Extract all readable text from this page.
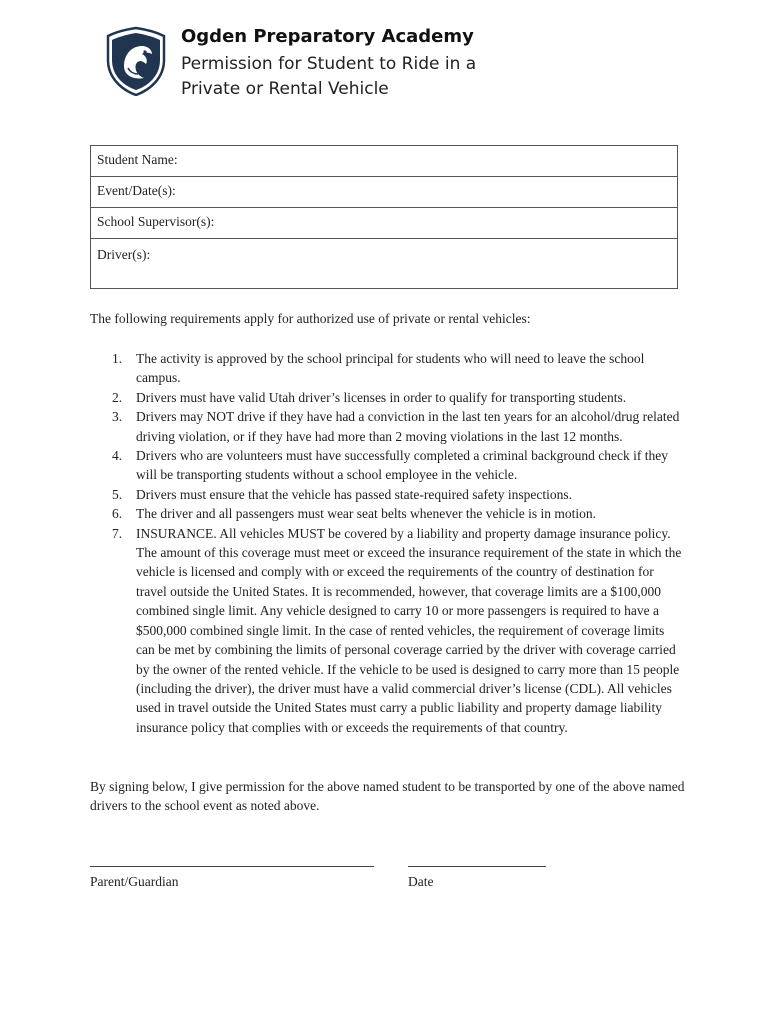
Ogden Preparatory Academy
Permission for Student to Ride in a
Private or Rental Vehicle
Student Name:
Event/Date(s):
School Supervisor(s):
Driver(s):
The following requirements apply for authorized use of private or rental vehicles:
1. The activity is approved by the school principal for students who will need to leave the school campus.
2. Drivers must have valid Utah driver’s licenses in order to qualify for transporting students.
3. Drivers may NOT drive if they have had a conviction in the last ten years for an alcohol/drug related driving violation, or if they have had more than 2 moving violations in the last 12 months.
4. Drivers who are volunteers must have successfully completed a criminal background check if they will be transporting students without a school employee in the vehicle.
5. Drivers must ensure that the vehicle has passed state-required safety inspections.
6. The driver and all passengers must wear seat belts whenever the vehicle is in motion.
7. INSURANCE. All vehicles MUST be covered by a liability and property damage insurance policy. The amount of this coverage must meet or exceed the insurance requirement of the state in which the vehicle is licensed and comply with or exceed the requirements of the country of destination for travel outside the United States. It is recommended, however, that coverage limits are a $100,000 combined single limit. Any vehicle designed to carry 10 or more passengers is required to have a $500,000 combined single limit. In the case of rented vehicles, the requirement of coverage limits can be met by combining the limits of personal coverage carried by the driver with coverage carried by the owner of the rented vehicle. If the vehicle to be used is designed to carry more than 15 people (including the driver), the driver must have a valid commercial driver’s license (CDL). All vehicles used in travel outside the United States must carry a public liability and property damage liability insurance policy that complies with or exceeds the requirements of that country.
By signing below, I give permission for the above named student to be transported by one of the above named drivers to the school event as noted above.
Parent/Guardian	Date
